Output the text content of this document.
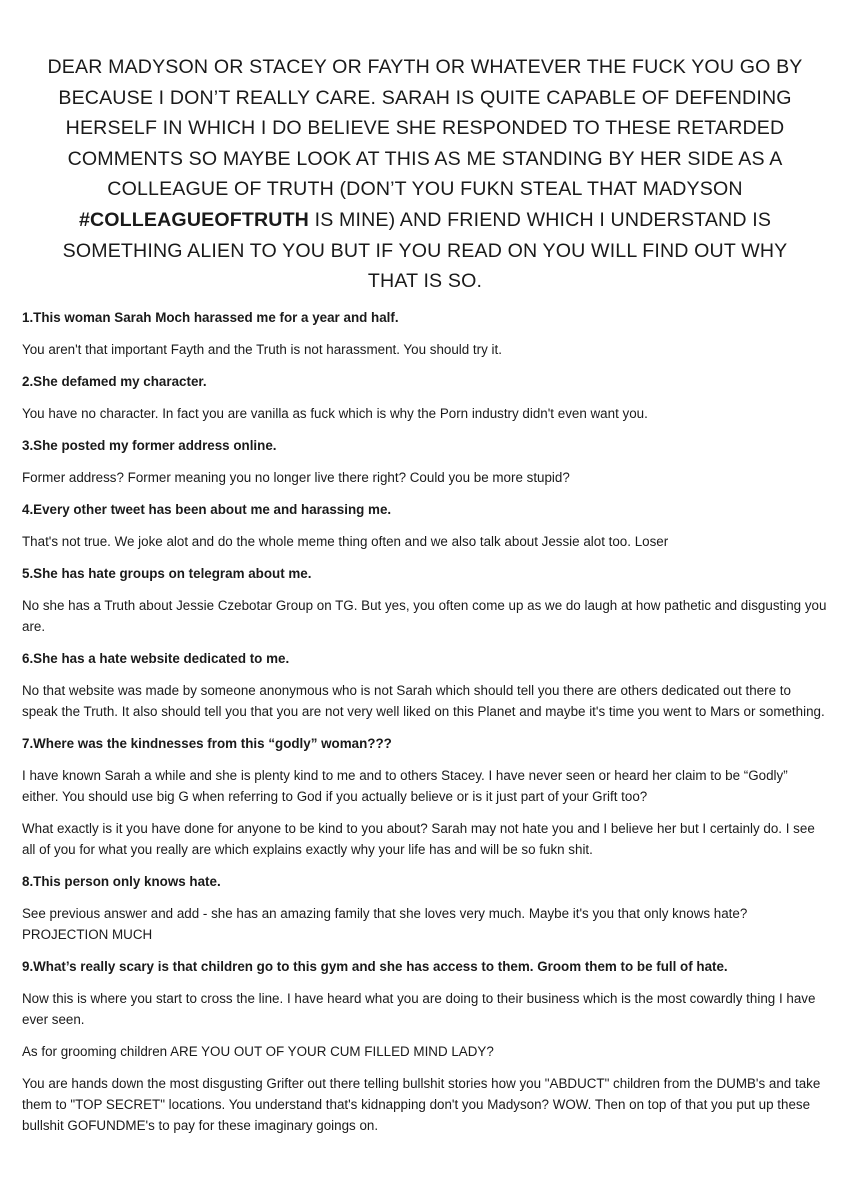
DEAR MADYSON OR STACEY OR FAYTH OR WHATEVER THE FUCK YOU GO BY BECAUSE I DON’T REALLY CARE. SARAH IS QUITE CAPABLE OF DEFENDING HERSELF IN WHICH I DO BELIEVE SHE RESPONDED TO THESE RETARDED COMMENTS SO MAYBE LOOK AT THIS AS ME STANDING BY HER SIDE AS A COLLEAGUE OF TRUTH (DON’T YOU FUKN STEAL THAT MADYSON #COLLEAGUEOFTRUTH IS MINE) AND FRIEND WHICH I UNDERSTAND IS SOMETHING ALIEN TO YOU BUT IF YOU READ ON YOU WILL FIND OUT WHY THAT IS SO.

1.This woman Sarah Moch harassed me for a year and half.

You aren't that important Fayth and the Truth is not harassment. You should try it.

2.She defamed my character.

You have no character. In fact you are vanilla as fuck which is why the Porn industry didn't even want you.

3.She posted my former address online.

Former address? Former meaning you no longer live there right? Could you be more stupid?

4.Every other tweet has been about me and harassing me.

That's not true. We joke alot and do the whole meme thing often and we also talk about Jessie alot too. Loser

5.She has hate groups on telegram about me.

No she has a Truth about Jessie Czebotar Group on TG. But yes, you often come up as we do laugh at how pathetic and disgusting you are.

6.She has a hate website dedicated to me.

No that website was made by someone anonymous who is not Sarah which should tell you there are others dedicated out there to speak the Truth. It also should tell you that you are not very well liked on this Planet and maybe it's time you went to Mars or something.

7.Where was the kindnesses from this “godly” woman???

I have known Sarah a while and she is plenty kind to me and to others Stacey. I have never seen or heard her claim to be “Godly” either. You should use big G when referring to God if you actually believe or is it just part of your Grift too?

What exactly is it you have done for anyone to be kind to you about? Sarah may not hate you and I believe her but I certainly do. I see all of you for what you really are which explains exactly why your life has and will be so fukn shit.

8.This person only knows hate.

See previous answer and add - she has an amazing family that she loves very much. Maybe it's you that only knows hate? PROJECTION MUCH

9.What’s really scary is that children go to this gym and she has access to them. Groom them to be full of hate.

Now this is where you start to cross the line. I have heard what you are doing to their business which is the most cowardly thing I have ever seen.

As for grooming children ARE YOU OUT OF YOUR CUM FILLED MIND LADY?

You are hands down the most disgusting Grifter out there telling bullshit stories how you "ABDUCT" children from the DUMB's and take them to "TOP SECRET" locations. You understand that's kidnapping don't you Madyson? WOW. Then on top of that you put up these bullshit GOFUNDME's to pay for these imaginary goings on.
